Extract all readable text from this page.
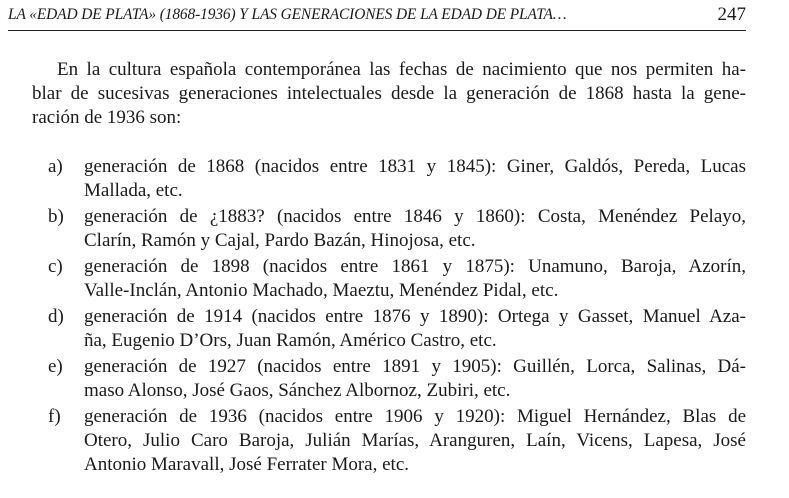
LA «EDAD DE PLATA» (1868-1936) Y LAS GENERACIONES DE LA EDAD DE PLATA…	247

En la cultura española contemporánea las fechas de nacimiento que nos permiten ha-
blar de sucesivas generaciones intelectuales desde la generación de 1868 hasta la gene-
ración de 1936 son:

a) generación de 1868 (nacidos entre 1831 y 1845): Giner, Galdós, Pereda, Lucas
Mallada, etc.
b) generación de ¿1883? (nacidos entre 1846 y 1860): Costa, Menéndez Pelayo,
Clarín, Ramón y Cajal, Pardo Bazán, Hinojosa, etc.
c) generación de 1898 (nacidos entre 1861 y 1875): Unamuno, Baroja, Azorín,
Valle-Inclán, Antonio Machado, Maeztu, Menéndez Pidal, etc.
d) generación de 1914 (nacidos entre 1876 y 1890): Ortega y Gasset, Manuel Aza-
ña, Eugenio D’Ors, Juan Ramón, Américo Castro, etc.
e) generación de 1927 (nacidos entre 1891 y 1905): Guillén, Lorca, Salinas, Dá-
maso Alonso, José Gaos, Sánchez Albornoz, Zubiri, etc.
f) generación de 1936 (nacidos entre 1906 y 1920): Miguel Hernández, Blas de
Otero, Julio Caro Baroja, Julián Marías, Aranguren, Laín, Vicens, Lapesa, José
Antonio Maravall, José Ferrater Mora, etc.
